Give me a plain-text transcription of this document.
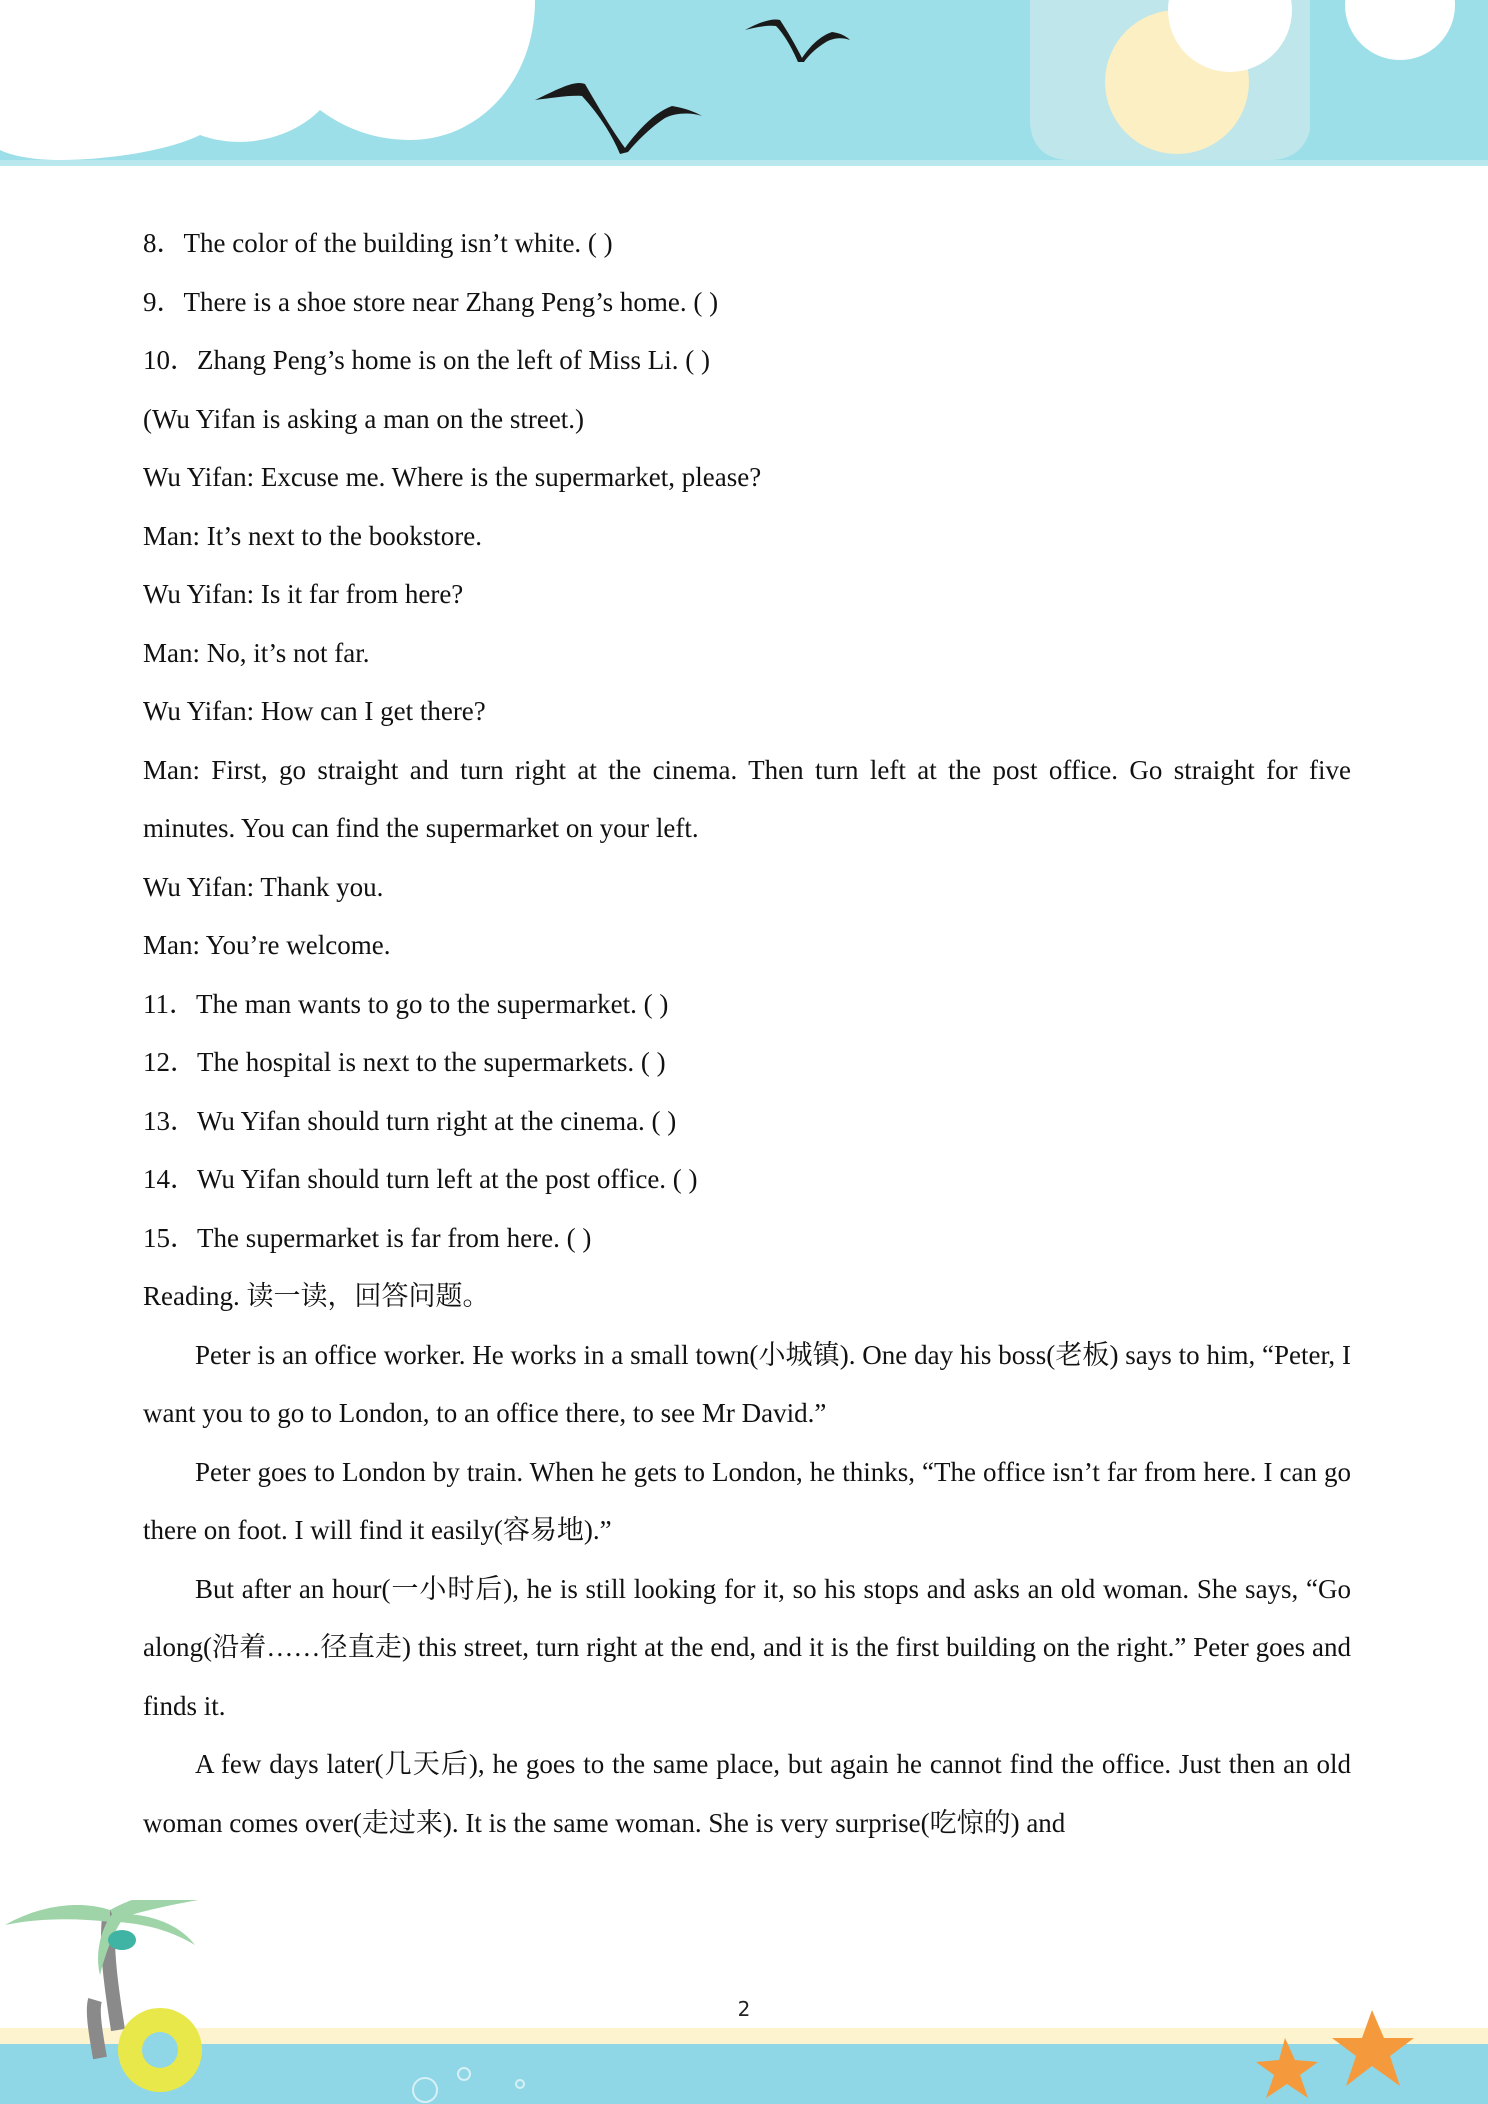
8．The color of the building isn’t white. ( )
9．There is a shoe store near Zhang Peng’s home. ( )
10．Zhang Peng’s home is on the left of Miss Li. ( )
(Wu Yifan is asking a man on the street.)
Wu Yifan: Excuse me. Where is the supermarket, please?
Man: It’s next to the bookstore.
Wu Yifan: Is it far from here?
Man: No, it’s not far.
Wu Yifan: How can I get there?
Man: First, go straight and turn right at the cinema. Then turn left at the post office. Go straight for five minutes. You can find the supermarket on your left.
Wu Yifan: Thank you.
Man: You’re welcome.
11．The man wants to go to the supermarket. ( )
12．The hospital is next to the supermarkets. ( )
13．Wu Yifan should turn right at the cinema. ( )
14．Wu Yifan should turn left at the post office. ( )
15．The supermarket is far from here. ( )
Reading. 读一读，回答问题。
Peter is an office worker. He works in a small town(小城镇). One day his boss(老板) says to him, “Peter, I want you to go to London, to an office there, to see Mr David.”
Peter goes to London by train. When he gets to London, he thinks, “The office isn’t far from here. I can go there on foot. I will find it easily(容易地).”
But after an hour(一小时后), he is still looking for it, so his stops and asks an old woman. She says, “Go along(沿着……径直走) this street, turn right at the end, and it is the first building on the right.” Peter goes and finds it.
A few days later(几天后), he goes to the same place, but again he cannot find the office. Just then an old woman comes over(走过来). It is the same woman. She is very surprise(吃惊的) and
2
